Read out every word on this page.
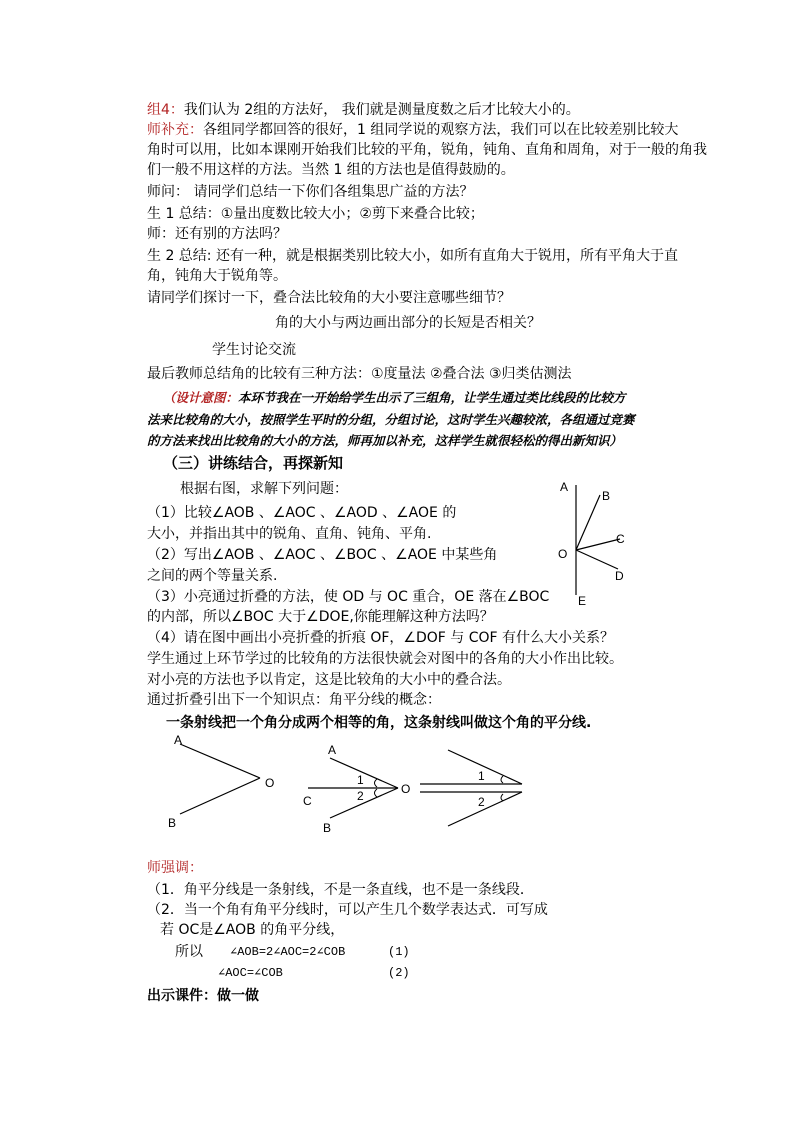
组4：我们认为 2组的方法好， 我们就是测量度数之后才比较大小的。
师补充：各组同学都回答的很好，1 组同学说的观察方法，我们可以在比较差别比较大
角时可以用，比如本课刚开始我们比较的平角，锐角，钝角、直角和周角，对于一般的角我
们一般不用这样的方法。当然 1 组的方法也是值得鼓励的。
师问： 请同学们总结一下你们各组集思广益的方法？
生 1 总结：①量出度数比较大小；②剪下来叠合比较；
师：还有别的方法吗？
生 2 总结: 还有一种，就是根据类别比较大小，如所有直角大于锐用，所有平角大于直
角，钝角大于锐角等。
请同学们探讨一下，叠合法比较角的大小要注意哪些细节？
角的大小与两边画出部分的长短是否相关？
学生讨论交流
最后教师总结角的比较有三种方法：①度量法 ②叠合法 ③归类估测法
（设计意图：本环节我在一开始给学生出示了三组角，让学生通过类比线段的比较方
法来比较角的大小，按照学生平时的分组，分组讨论，这时学生兴趣较浓，各组通过竞赛
的方法来找出比较角的大小的方法，师再加以补充，这样学生就很轻松的得出新知识）
（三）讲练结合，再探新知
根据右图，求解下列问题：
（1）比较∠AOB 、∠AOC 、∠AOD 、∠AOE 的
大小，并指出其中的锐角、直角、钝角、平角.
（2）写出∠AOB 、∠AOC 、∠BOC 、∠AOE 中某些角
之间的两个等量关系.
（3）小亮通过折叠的方法，使 OD 与 OC 重合，OE 落在∠BOC
的内部，所以∠BOC 大于∠DOE,你能理解这种方法吗？
（4）请在图中画出小亮折叠的折痕 OF，∠DOF 与 COF 有什么大小关系？
学生通过上环节学过的比较角的方法很快就会对图中的各角的大小作出比较。
对小亮的方法也予以肯定，这是比较角的大小中的叠合法。
通过折叠引出下一个知识点：角平分线的概念：
一条射线把一个角分成两个相等的角，这条射线叫做这个角的平分线.
A
B
C
O
D
E
A
O
B
A
1
2
C
O
B
1
2
师强调：
（1．角平分线是一条射线，不是一条直线，也不是一条线段．
（2．当一个角有角平分线时，可以产生几个数学表达式．可写成
若 OC是∠AOB 的角平分线，
所以 ∠AOB=2∠AOC=2∠COB	(1)
∠AOC=∠COB	(2)
出示课件：做一做
